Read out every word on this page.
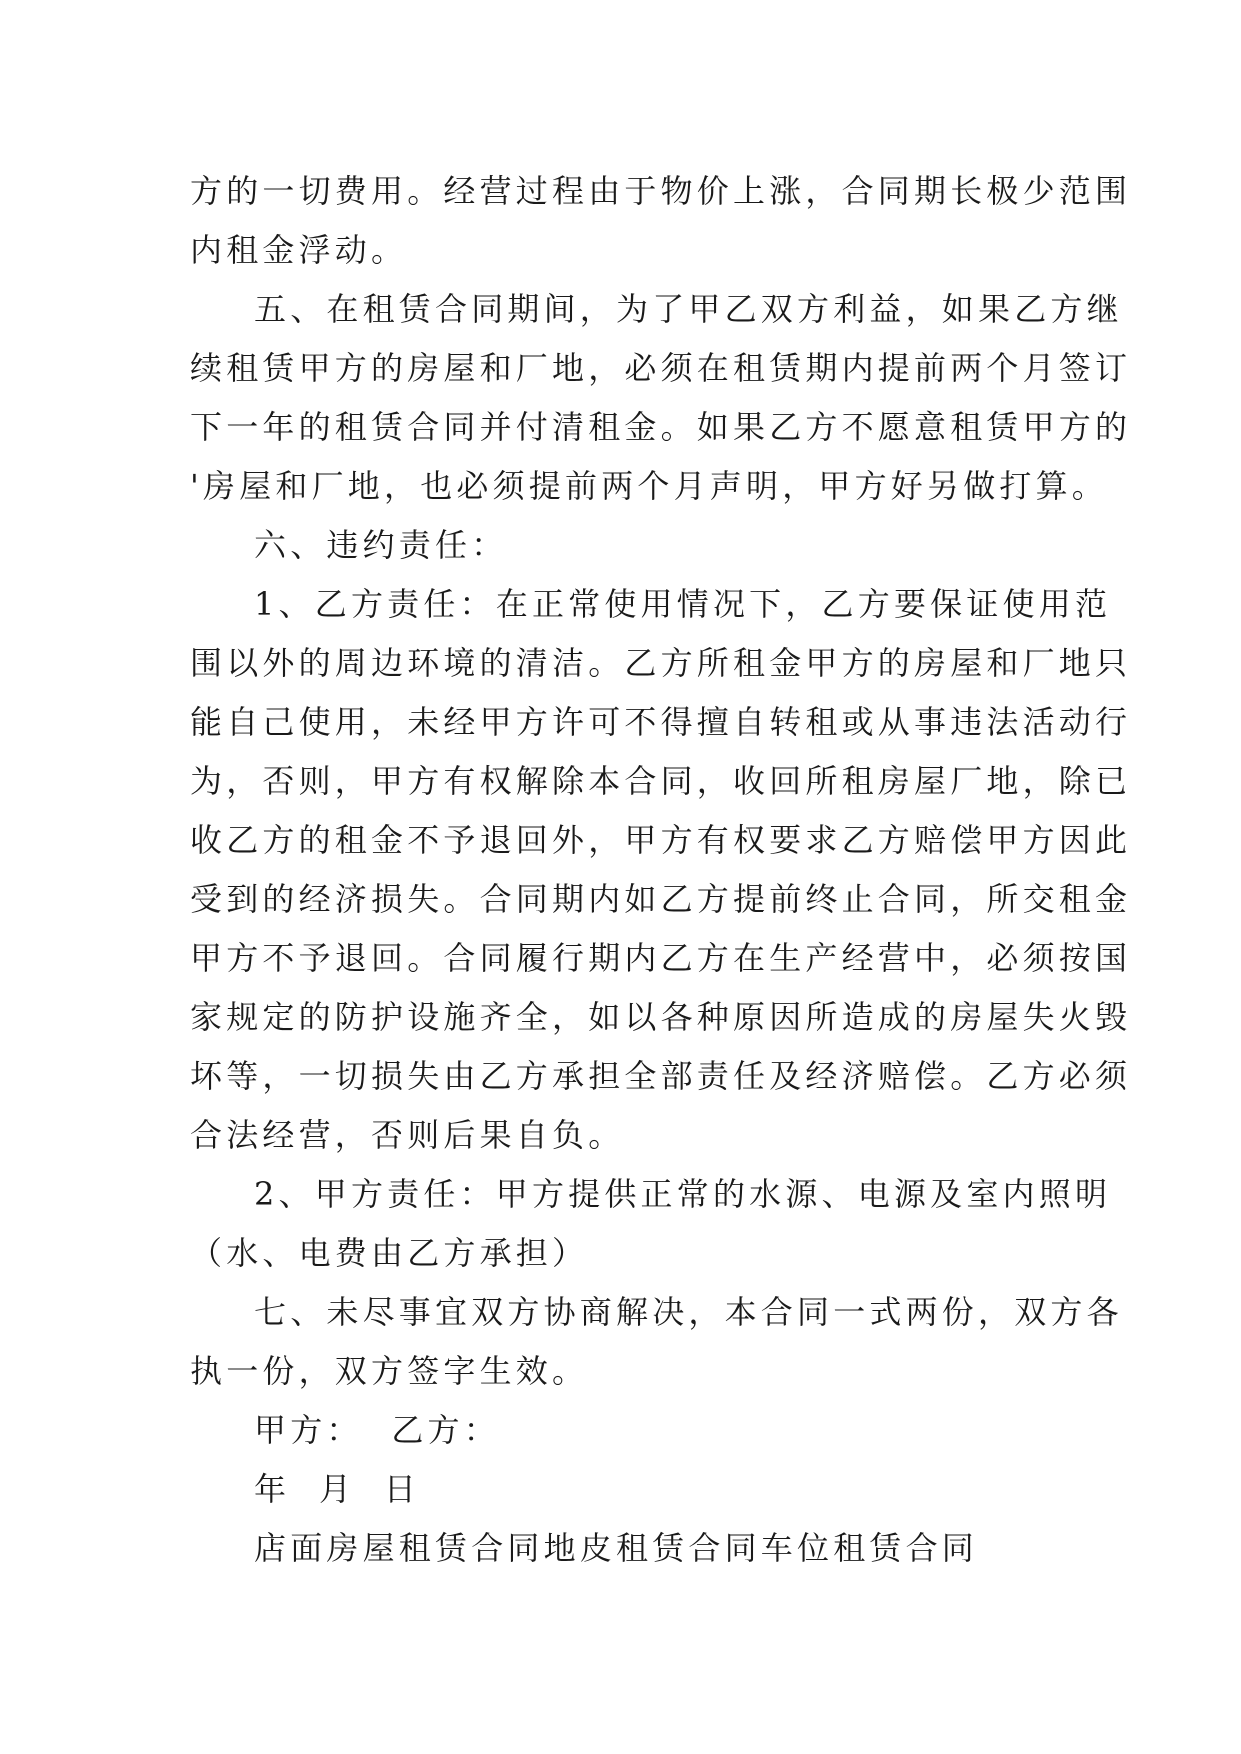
方的一切费用。经营过程由于物价上涨，合同期长极少范围
内租金浮动。
五、在租赁合同期间，为了甲乙双方利益，如果乙方继
续租赁甲方的房屋和厂地，必须在租赁期内提前两个月签订
下一年的租赁合同并付清租金。如果乙方不愿意租赁甲方的
'房屋和厂地，也必须提前两个月声明，甲方好另做打算。
六、违约责任：
1、乙方责任：在正常使用情况下，乙方要保证使用范
围以外的周边环境的清洁。乙方所租金甲方的房屋和厂地只
能自己使用，未经甲方许可不得擅自转租或从事违法活动行
为，否则，甲方有权解除本合同，收回所租房屋厂地，除已
收乙方的租金不予退回外，甲方有权要求乙方赔偿甲方因此
受到的经济损失。合同期内如乙方提前终止合同，所交租金
甲方不予退回。合同履行期内乙方在生产经营中，必须按国
家规定的防护设施齐全，如以各种原因所造成的房屋失火毁
坏等，一切损失由乙方承担全部责任及经济赔偿。乙方必须
合法经营，否则后果自负。
2、甲方责任：甲方提供正常的水源、电源及室内照明
（水、电费由乙方承担）
七、未尽事宜双方协商解决，本合同一式两份，双方各
执一份，双方签字生效。
甲方：  乙方：
年  月  日
店面房屋租赁合同地皮租赁合同车位租赁合同
